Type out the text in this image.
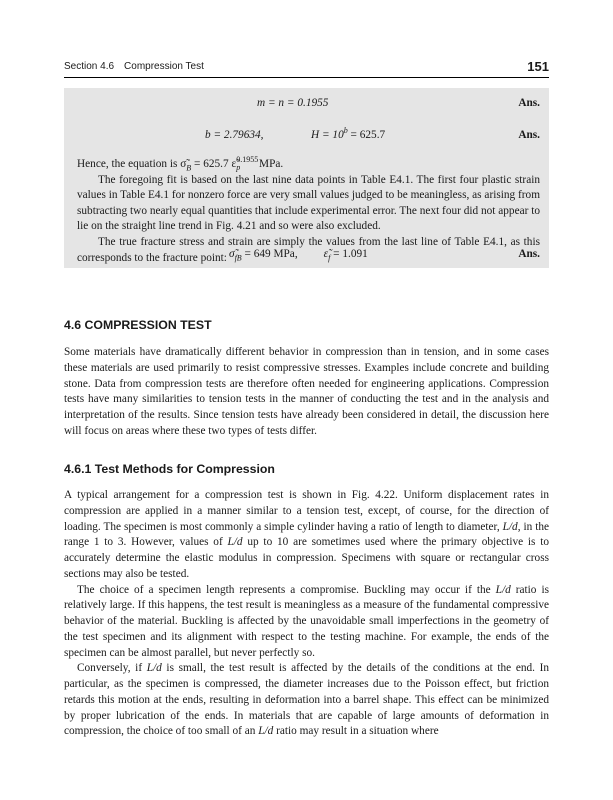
Section 4.6 Compression Test	151
m = n = 0.1955	Ans.
b = 2.79634,	$H = 10^b = 625.7$	Ans.

Hence, the equation is $\sigmã_B = 625.7$ ε̃$^{0.1955}_p$ MPa.

The foregoing fit is based on the last nine data points in Table E4.1. The first four plastic strain values in Table E4.1 for nonzero force are very small values judged to be meaningless, as arising from subtracting two nearly equal quantities that include experimental error. The next four did not appear to lie on the straight line trend in Fig. 4.21 and so were also excluded.

The true fracture stress and strain are simply the values from the last line of Table E4.1, as this corresponds to the fracture point: $\sigmã_{fB} = 649$ MPa, $\varepsiloñ_f = 1.091$	Ans.
4.6 COMPRESSION TEST

Some materials have dramatically different behavior in compression than in tension, and in some cases these materials are used primarily to resist compressive stresses. Examples include concrete and building stone. Data from compression tests are therefore often needed for engineering applications. Compression tests have many similarities to tension tests in the manner of conducting the test and in the analysis and interpretation of the results. Since tension tests have already been considered in detail, the discussion here will focus on areas where these two types of tests differ.

4.6.1 Test Methods for Compression

A typical arrangement for a compression test is shown in Fig. 4.22. Uniform displacement rates in compression are applied in a manner similar to a tension test, except, of course, for the direction of loading. The specimen is most commonly a simple cylinder having a ratio of length to diameter, L/d, in the range 1 to 3. However, values of L/d up to 10 are sometimes used where the primary objective is to accurately determine the elastic modulus in compression. Specimens with square or rectangular cross sections may also be tested.

The choice of a specimen length represents a compromise. Buckling may occur if the L/d ratio is relatively large. If this happens, the test result is meaningless as a measure of the fundamental compressive behavior of the material. Buckling is affected by the unavoidable small imperfections in the geometry of the test specimen and its alignment with respect to the testing machine. For example, the ends of the specimen can be almost parallel, but never perfectly so.

Conversely, if L/d is small, the test result is affected by the details of the conditions at the end. In particular, as the specimen is compressed, the diameter increases due to the Poisson effect, but friction retards this motion at the ends, resulting in deformation into a barrel shape. This effect can be minimized by proper lubrication of the ends. In materials that are capable of large amounts of deformation in compression, the choice of too small of an L/d ratio may result in a situation where
